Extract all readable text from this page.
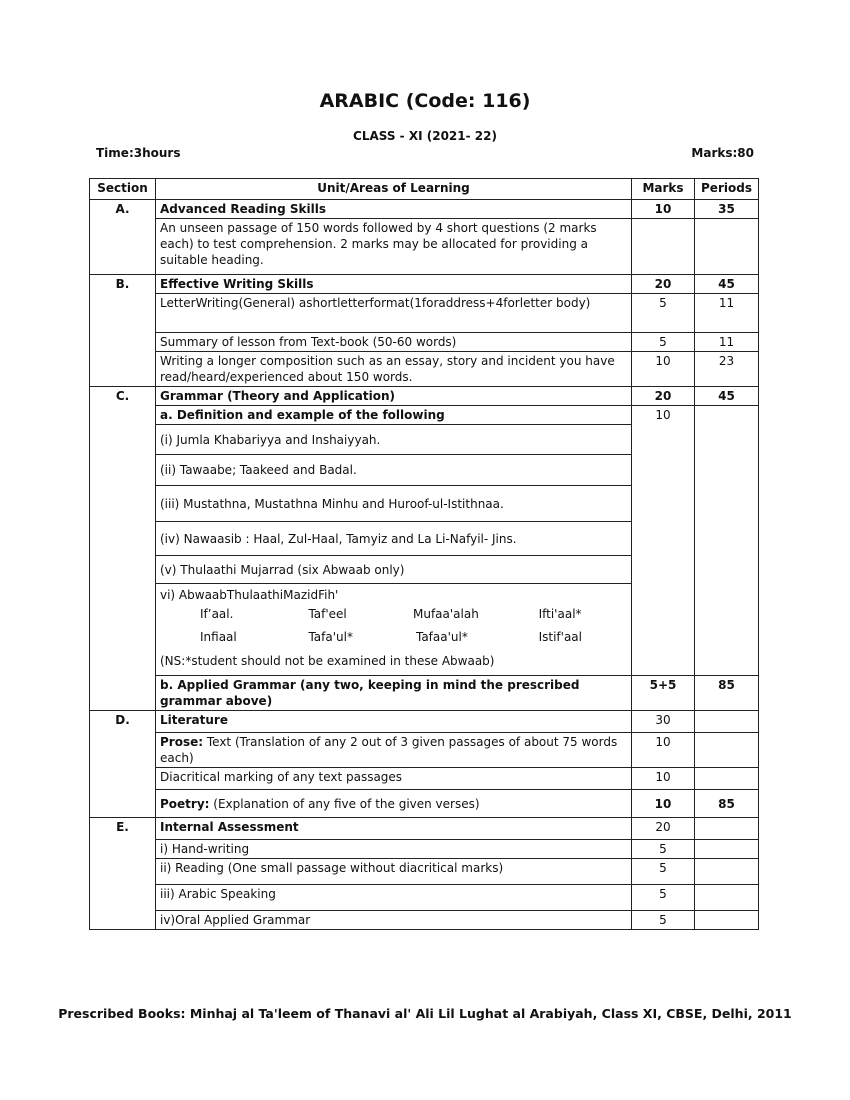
ARABIC (Code: 116)
CLASS - XI (2021- 22)
Time:3hours	Marks:80
Section	Unit/Areas of Learning	Marks	Periods
A.	Advanced Reading Skills	10	35
An unseen passage of 150 words followed by 4 short questions (2 marks each) to test comprehension. 2 marks may be allocated for providing a suitable heading.		
B.	Effective Writing Skills	20	45
LetterWriting(General) ashortletterformat(1foraddress+4forletter body)	5	11
Summary of lesson from Text-book (50-60 words)	5	11
Writing a longer composition such as an essay, story and incident you have read/heard/experienced about 150 words.	10	23
C.	Grammar (Theory and Application)	20	45
a. Definition and example of the following	10	
(i) Jumla Khabariyya and Inshaiyyah.
(ii) Tawaabe; Taakeed and Badal.
(iii) Mustathna, Mustathna Minhu and Huroof-ul-Istithnaa.
(iv) Nawaasib : Haal, Zul-Haal, Tamyiz and La Li-Nafyil- Jins.
(v) Thulaathi Mujarrad (six Abwaab only)

vi) AbwaabThulaathiMazidFih'
If’aal.	Taf'eel	Mufaa'alah	Ifti'aal*
Infiaal	Tafa'ul*	Tafaa'ul*	Istif'aal
(NS:*student should not be examined in these Abwaab)

b. Applied Grammar (any two, keeping in mind the prescribed grammar above)	5+5	85
D.	Literature	30	
Prose: Text (Translation of any 2 out of 3 given passages of about 75 words each)	10	
Diacritical marking of any text passages	10	
Poetry: (Explanation of any five of the given verses)	10	85
E.	Internal Assessment	20	
i) Hand-writing	5	
ii) Reading (One small passage without diacritical marks)	5	
iii) Arabic Speaking	5	
iv)Oral Applied Grammar	5	
Prescribed Books: Minhaj al Ta'leem of Thanavi al' Ali Lil Lughat al Arabiyah, Class XI, CBSE, Delhi, 2011
